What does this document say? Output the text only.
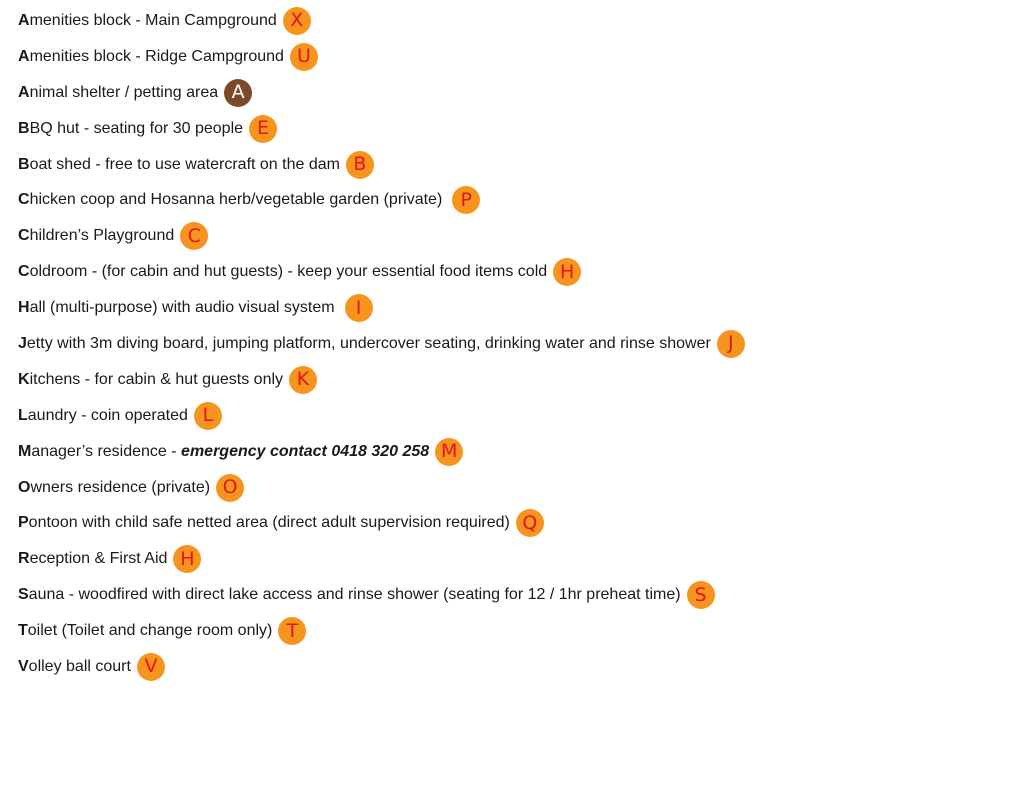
A menities block - Main Campground X
A menities block - Ridge Campground U
A nimal shelter / petting area A
B BQ hut - seating for 30 people E
B oat shed - free to use watercraft on the dam B
C hicken coop and Hosanna herb/vegetable garden (private) P
C hildren’s Playground C
C oldroom - (for cabin and hut guests) - keep your essential food items cold H
H all (multi-purpose) with audio visual system	I
J etty with 3m diving board, jumping platform, undercover seating, drinking water and rinse shower J
K itchens - for cabin & hut guests only K
L aundry - coin operated L
M anager’s residence - emergency contact 0418 320 258 M
O wners residence (private) O
P ontoon with child safe netted area (direct adult supervision required) Q
R eception & First Aid H
S auna - woodfired with direct lake access and rinse shower (seating for 12 / 1hr preheat time) S
T oilet (Toilet and change room only) T
V olley ball court V
